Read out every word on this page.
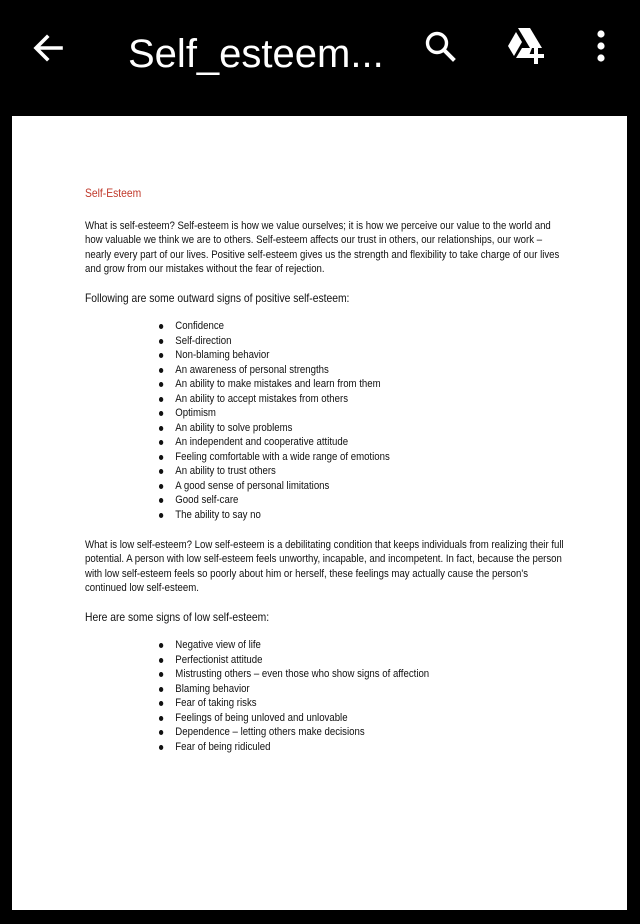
Self_esteem...
Self-Esteem

What is self-esteem? Self-esteem is how we value ourselves; it is how we perceive our value to the world and how valuable we think we are to others. Self-esteem affects our trust in others, our relationships, our work – nearly every part of our lives. Positive self-esteem gives us the strength and flexibility to take charge of our lives and grow from our mistakes without the fear of rejection.

Following are some outward signs of positive self-esteem:

Confidence
Self-direction
Non-blaming behavior
An awareness of personal strengths
An ability to make mistakes and learn from them
An ability to accept mistakes from others
Optimism
An ability to solve problems
An independent and cooperative attitude
Feeling comfortable with a wide range of emotions
An ability to trust others
A good sense of personal limitations
Good self-care
The ability to say no

What is low self-esteem? Low self-esteem is a debilitating condition that keeps individuals from realizing their full potential. A person with low self-esteem feels unworthy, incapable, and incompetent. In fact, because the person with low self-esteem feels so poorly about him or herself, these feelings may actually cause the person's continued low self-esteem.

Here are some signs of low self-esteem:

Negative view of life
Perfectionist attitude
Mistrusting others – even those who show signs of affection
Blaming behavior
Fear of taking risks
Feelings of being unloved and unlovable
Dependence – letting others make decisions
Fear of being ridiculed
